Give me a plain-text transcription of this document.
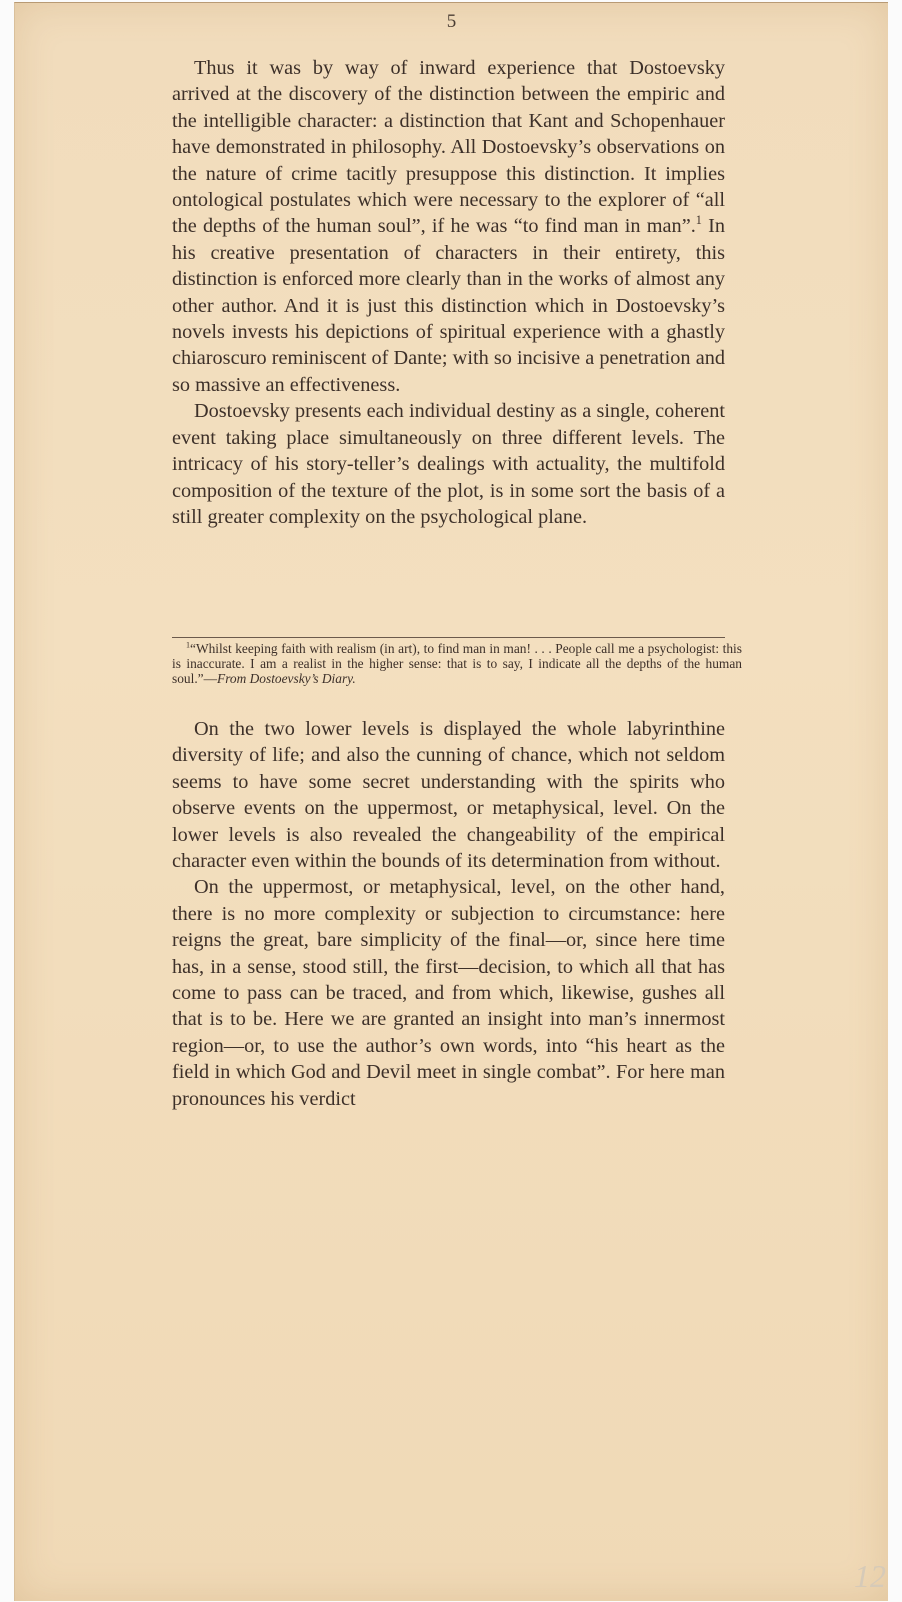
5
12

Thus it was by way of inward experience that Dostoevsky arrived at the discovery of the distinction between the empiric and the intelligible character: a distinction that Kant and Schopenhauer have demonstrated in philosophy. All Dostoevsky’s observations on the nature of crime tacitly presuppose this distinction. It implies ontological postulates which were necessary to the explorer of “all the depths of the human soul”, if he was “to find man in man”.$^1$ In his creative presentation of characters in their entirety, this distinction is enforced more clearly than in the works of almost any other author. And it is just this distinction which in Dostoevsky’s novels invests his depictions of spiritual experience with a ghastly chiaroscuro reminiscent of Dante; with so incisive a penetration and so massive an effectiveness.

Dostoevsky presents each individual destiny as a single, coherent event taking place simultaneously on three different levels. The intricacy of his story-teller’s dealings with actuality, the multifold composition of the texture of the plot, is in some sort the basis of a still greater complexity on the psychological plane.

$^1$“Whilst keeping faith with realism (in art), to find man in man! . . . People call me a psychologist: this is inaccurate. I am a realist in the higher sense: that is to say, I indicate all the depths of the human soul.”—From Dostoevsky’s Diary.

On the two lower levels is displayed the whole labyrinthine diversity of life; and also the cunning of chance, which not seldom seems to have some secret understanding with the spirits who observe events on the uppermost, or metaphysical, level. On the lower levels is also revealed the changeability of the empirical character even within the bounds of its determination from without.

On the uppermost, or metaphysical, level, on the other hand, there is no more complexity or subjection to circumstance: here reigns the great, bare simplicity of the final—or, since here time has, in a sense, stood still, the first—decision, to which all that has come to pass can be traced, and from which, likewise, gushes all that is to be. Here we are granted an insight into man’s innermost region—or, to use the author’s own words, into “his heart as the field in which God and Devil meet in single combat”. For here man pronounces his verdict
